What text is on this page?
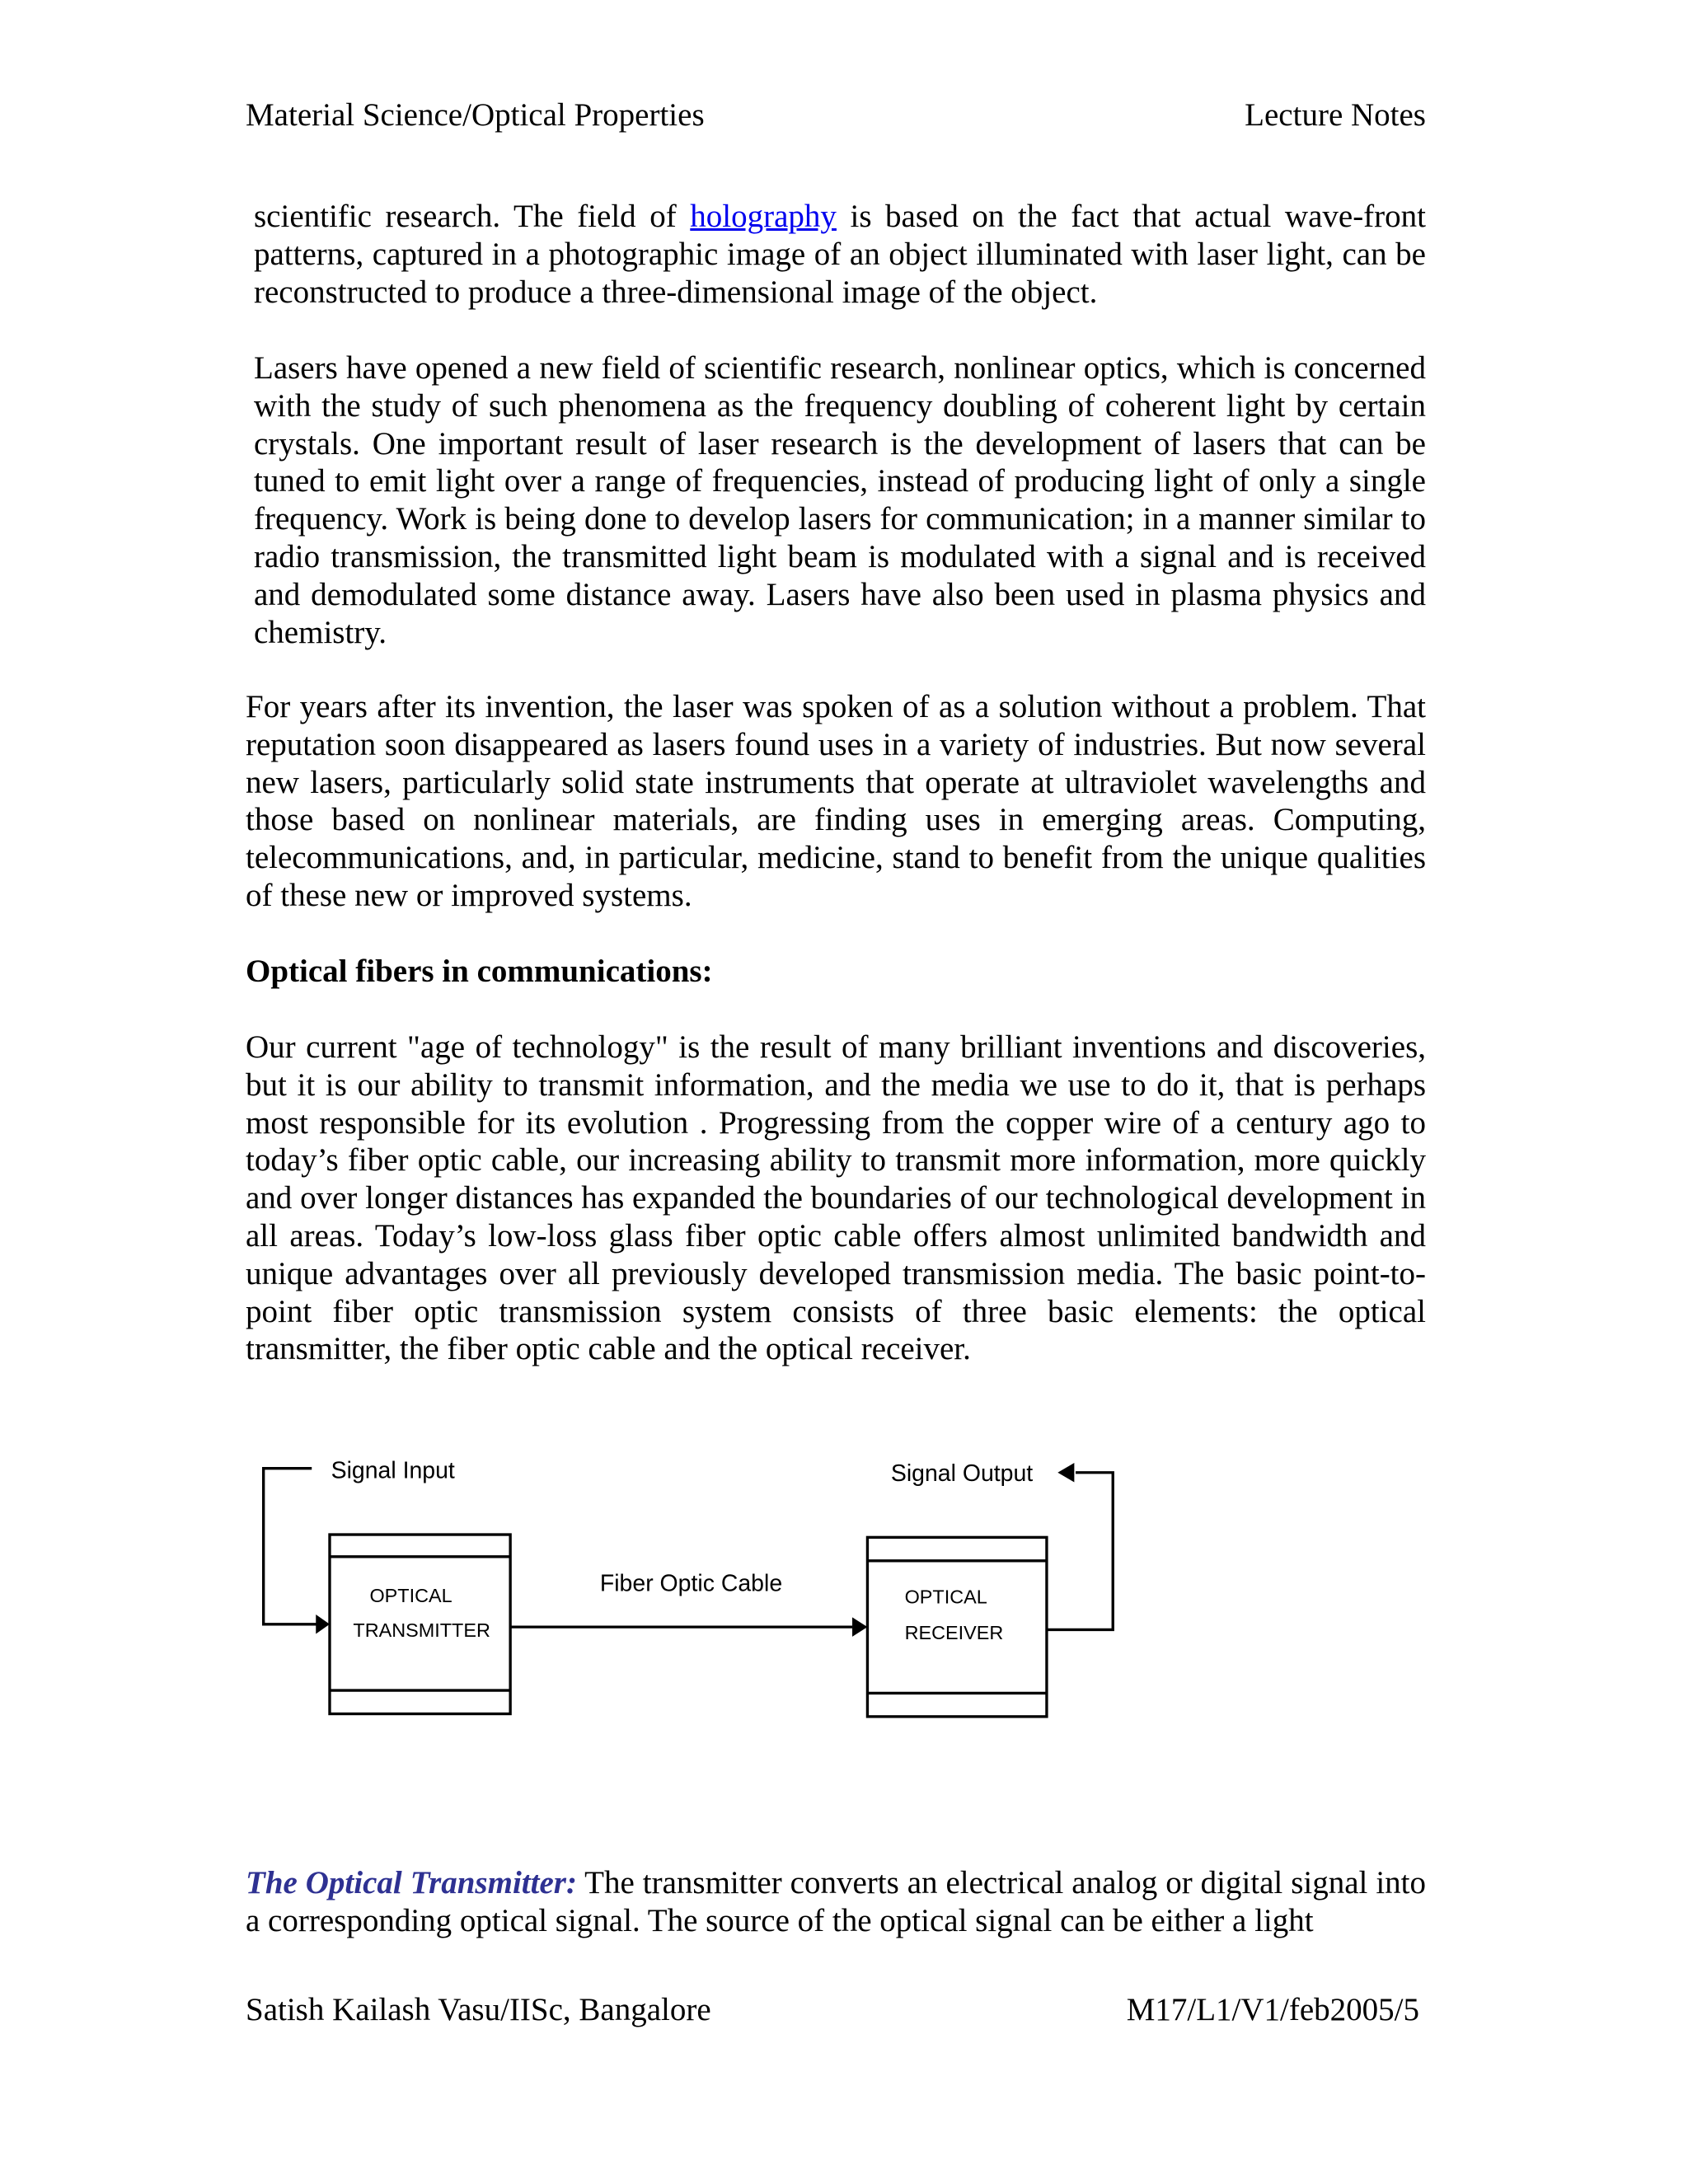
Material Science/Optical Properties	Lecture Notes
scientific research. The field of holography is based on the fact that actual wave-front patterns, captured in a photographic image of an object illuminated with laser light, can be reconstructed to produce a three-dimensional image of the object.
Lasers have opened a new field of scientific research, nonlinear optics, which is concerned with the study of such phenomena as the frequency doubling of coherent light by certain crystals. One important result of laser research is the development of lasers that can be tuned to emit light over a range of frequencies, instead of producing light of only a single frequency. Work is being done to develop lasers for communication; in a manner similar to radio transmission, the transmitted light beam is modulated with a signal and is received and demodulated some distance away. Lasers have also been used in plasma physics and chemistry.
For years after its invention, the laser was spoken of as a solution without a problem. That reputation soon disappeared as lasers found uses in a variety of industries. But now several new lasers, particularly solid state instruments that operate at ultraviolet wavelengths and those based on nonlinear materials, are finding uses in emerging areas. Computing, telecommunications, and, in particular, medicine, stand to benefit from the unique qualities of these new or improved systems.
Optical fibers in communications:
Our current "age of technology" is the result of many brilliant inventions and discoveries, but it is our ability to transmit information, and the media we use to do it, that is perhaps most responsible for its evolution . Progressing from the copper wire of a century ago to today’s fiber optic cable, our increasing ability to transmit more information, more quickly and over longer distances has expanded the boundaries of our technological development in all areas. Today’s low-loss glass fiber optic cable offers almost unlimited bandwidth and unique advantages over all previously developed transmission media. The basic point-to-point fiber optic transmission system consists of three basic elements: the optical transmitter, the fiber optic cable and the optical receiver.
Signal Input	Signal Output
Fiber Optic Cable
OPTICAL
TRANSMITTER
OPTICAL
RECEIVER
The Optical Transmitter: The transmitter converts an electrical analog or digital signal into a corresponding optical signal. The source of the optical signal can be either a light
Satish Kailash Vasu/IISc, Bangalore	M17/L1/V1/feb2005/5
